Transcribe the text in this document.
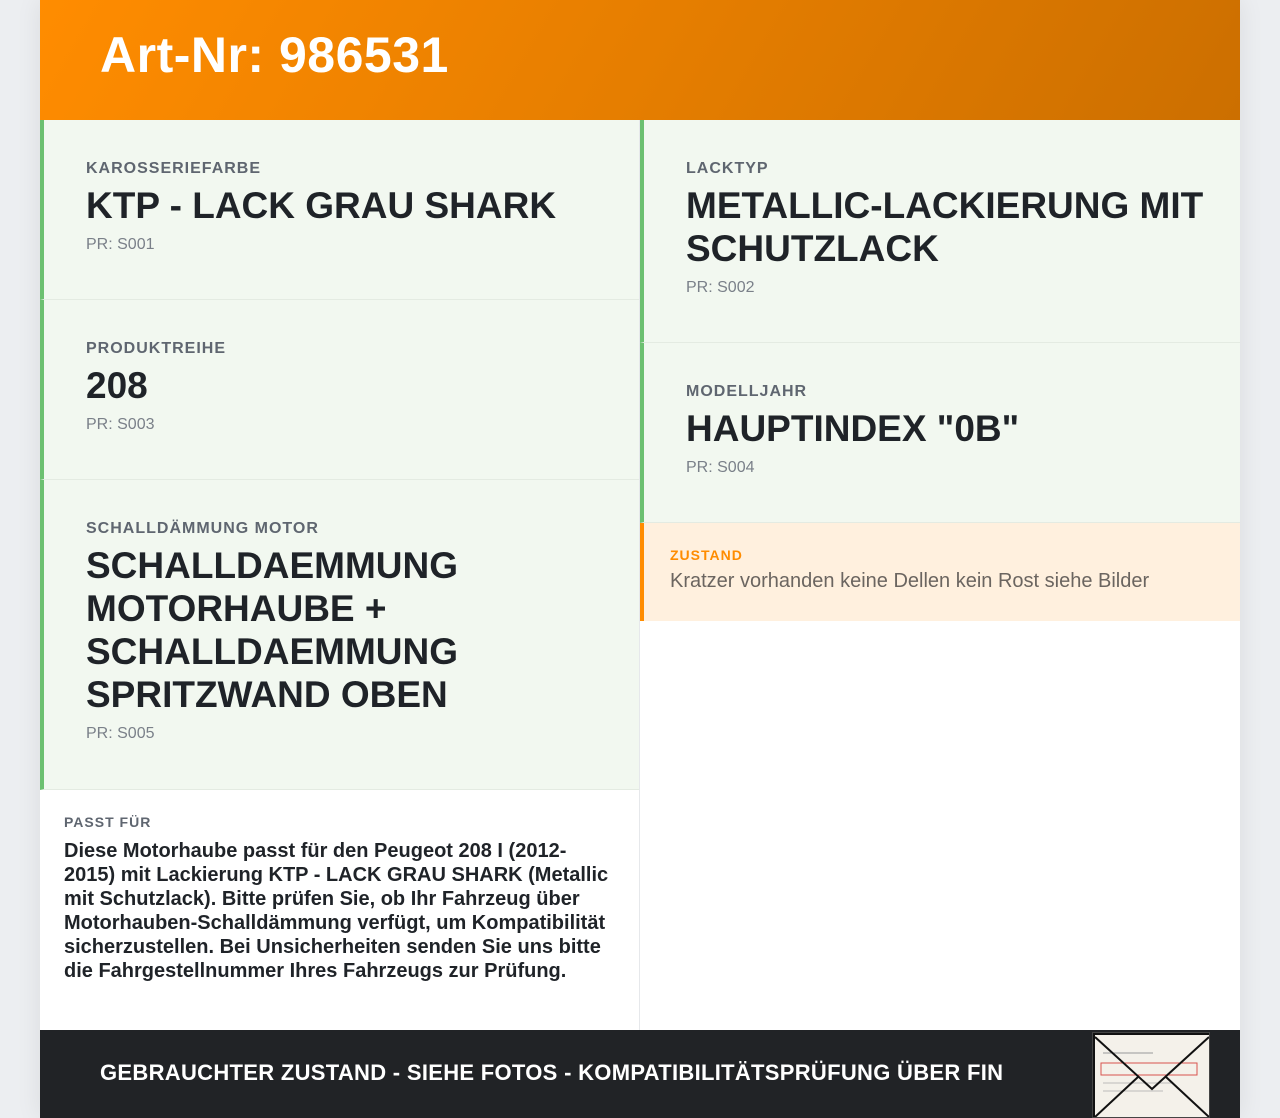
Art-Nr: 986531
KAROSSERIEFARBE
KTP - LACK GRAU SHARK
PR: S001
PRODUKTREIHE
208
PR: S003
SCHALLDÄMMUNG MOTOR
SCHALLDAEMMUNG MOTORHAUBE + SCHALLDAEMMUNG SPRITZWAND OBEN
PR: S005
PASST FÜR
Diese Motorhaube passt für den Peugeot 208 I (2012-2015) mit Lackierung KTP - LACK GRAU SHARK (Metallic mit Schutzlack). Bitte prüfen Sie, ob Ihr Fahrzeug über Motorhauben-Schalldämmung verfügt, um Kompatibilität sicherzustellen. Bei Unsicherheiten senden Sie uns bitte die Fahrgestellnummer Ihres Fahrzeugs zur Prüfung.
LACKTYP
METALLIC-LACKIERUNG MIT SCHUTZLACK
PR: S002
MODELLJAHR
HAUPTINDEX "0B"
PR: S004
ZUSTAND
Kratzer vorhanden keine Dellen kein Rost siehe Bilder
GEBRAUCHTER ZUSTAND - SIEHE FOTOS - KOMPATIBILITÄTSPRÜFUNG ÜBER FIN
